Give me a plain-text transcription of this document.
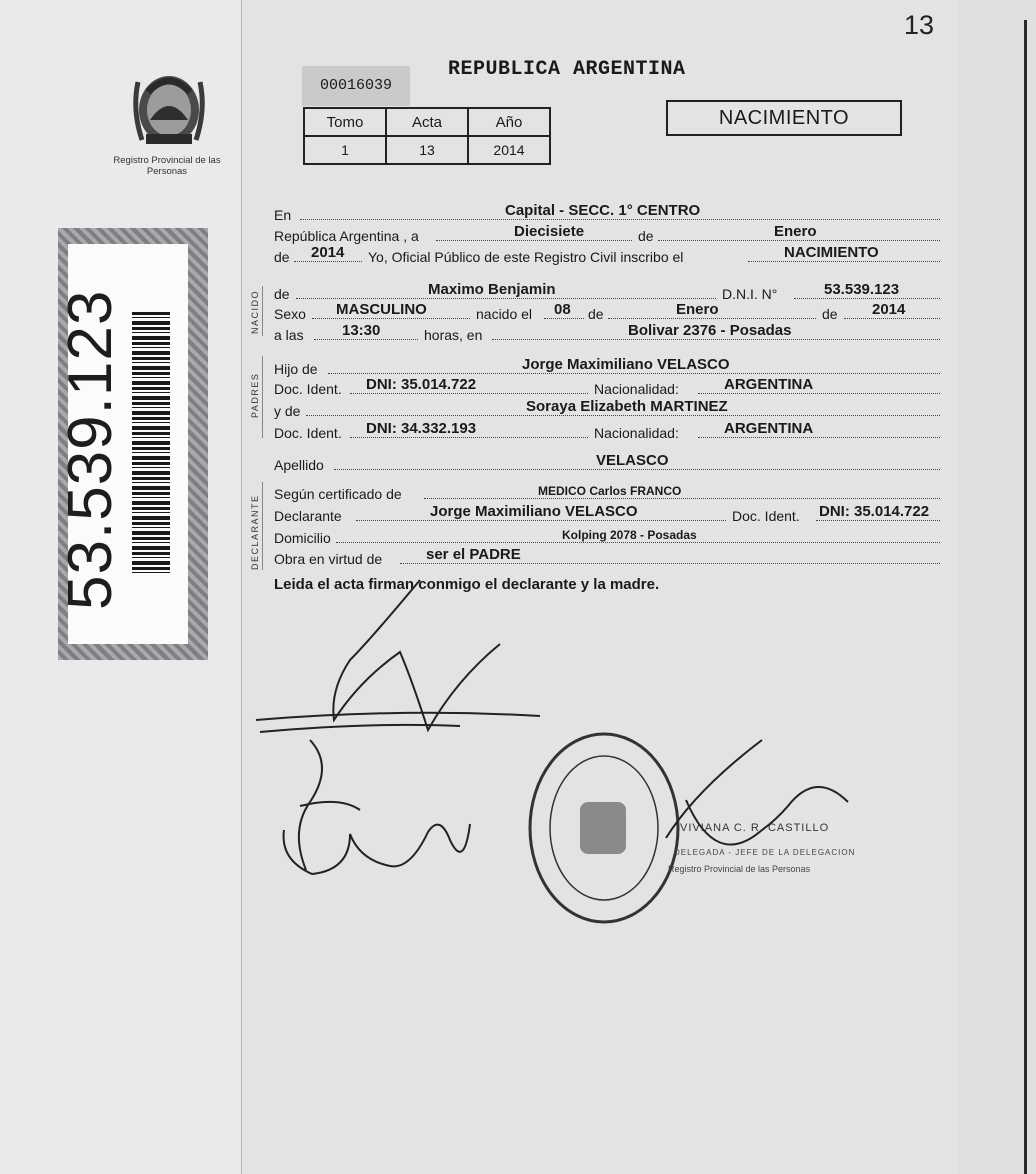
13
Registro Provincial de las Personas
53.539.123
00016039
REPUBLICA ARGENTINA
Tomo	Acta	Año
1	13	2014
NACIMIENTO
NACIDO
PADRES
DECLARANTE
En	Capital - SECC. 1° CENTRO
República Argentina , a	Diecisiete	de	Enero
de 2014 Yo, Oficial Público de este Registro Civil inscribo el	NACIMIENTO
de	Maximo Benjamin	D.N.I. N°	53.539.123
Sexo MASCULINO	nacido el 08 de	Enero	de 2014
a las	13:30	horas, en	Bolivar 2376 - Posadas
Hijo de	Jorge Maximiliano VELASCO
Doc. Ident. DNI: 35.014.722	Nacionalidad:	ARGENTINA
y de	Soraya Elizabeth MARTINEZ
Doc. Ident. DNI: 34.332.193	Nacionalidad:	ARGENTINA
Apellido	VELASCO
Según certificado de	MEDICO Carlos FRANCO
Declarante	Jorge Maximiliano VELASCO	Doc. Ident. DNI: 35.014.722
Domicilio	Kolping 2078 - Posadas
Obra en virtud de	ser el PADRE
Leida el acta firman conmigo el declarante y la madre.
VIVIANA C. R. CASTILLO
DELEGADA - JEFE DE LA DELEGACION
Registro Provincial de las Personas
